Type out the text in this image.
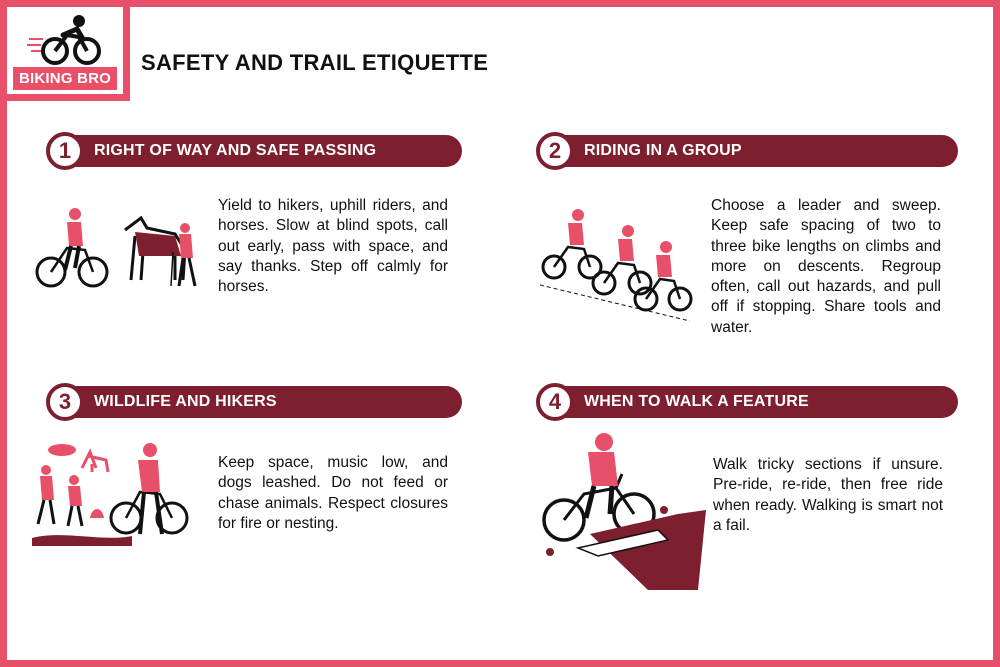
BIKING BRO
SAFETY AND TRAIL ETIQUETTE
1	RIGHT OF WAY AND SAFE PASSING
Yield to hikers, uphill riders, and horses. Slow at blind spots, call out early, pass with space, and say thanks. Step off calmly for horses.
2	RIDING IN A GROUP
Choose a leader and sweep. Keep safe spacing of two to three bike lengths on climbs and more on descents. Regroup often, call out hazards, and pull off if stopping. Share tools and water.
3	WILDLIFE AND HIKERS
Keep space, music low, and dogs leashed. Do not feed or chase animals. Respect closures for fire or nesting.
4	WHEN TO WALK A FEATURE
Walk tricky sections if unsure. Pre-ride, re-ride, then free ride when ready. Walking is smart not a fail.
